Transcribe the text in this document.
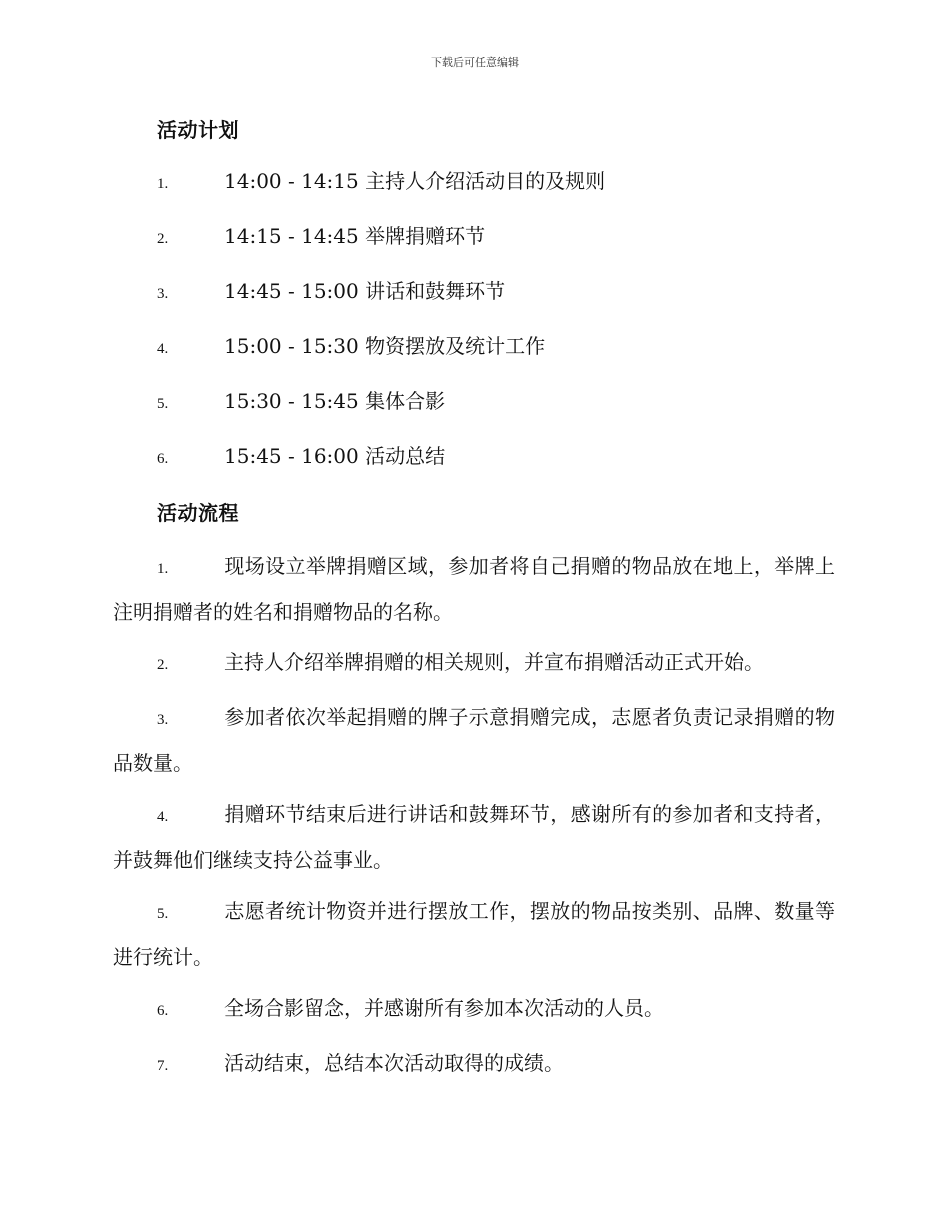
下载后可任意编辑
活动计划
1.	14:00 - 14:15 主持人介绍活动目的及规则
2.	14:15 - 14:45 举牌捐赠环节
3.	14:45 - 15:00 讲话和鼓舞环节
4.	15:00 - 15:30 物资摆放及统计工作
5.	15:30 - 15:45 集体合影
6.	15:45 - 16:00 活动总结
活动流程
1.	现场设立举牌捐赠区域，参加者将自己捐赠的物品放在地上，举牌上注明捐赠者的姓名和捐赠物品的名称。
2.	主持人介绍举牌捐赠的相关规则，并宣布捐赠活动正式开始。
3.	参加者依次举起捐赠的牌子示意捐赠完成，志愿者负责记录捐赠的物品数量。
4.	捐赠环节结束后进行讲话和鼓舞环节，感谢所有的参加者和支持者，并鼓舞他们继续支持公益事业。
5.	志愿者统计物资并进行摆放工作，摆放的物品按类别、品牌、数量等进行统计。
6.	全场合影留念，并感谢所有参加本次活动的人员。
7.	活动结束，总结本次活动取得的成绩。
